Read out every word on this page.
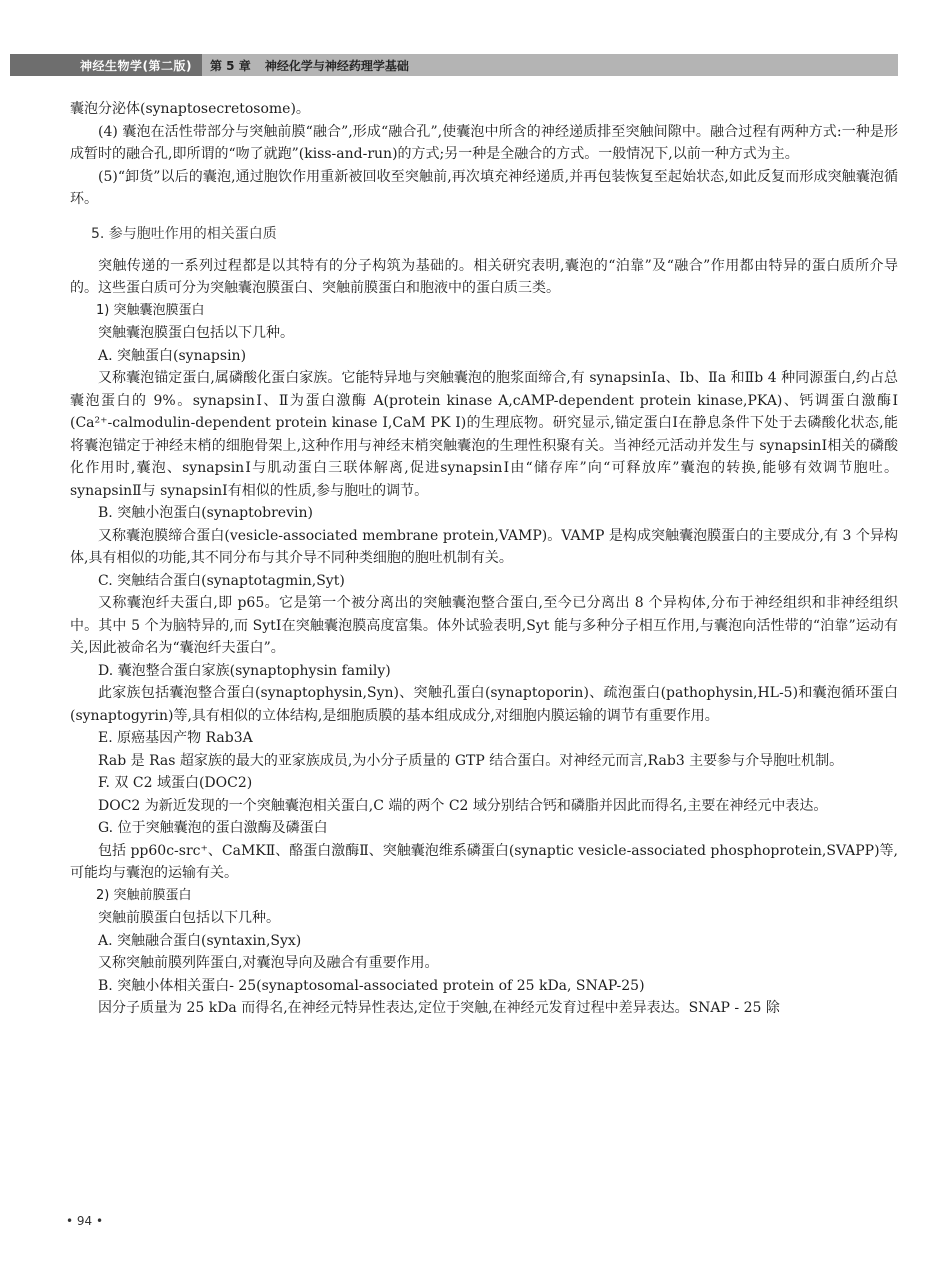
神经生物学(第二版)	第 5 章 神经化学与神经药理学基础

囊泡分泌体(synaptosecretosome)。

(4) 囊泡在活性带部分与突触前膜“融合”,形成“融合孔”,使囊泡中所含的神经递质排至突触间隙中。融合过程有两种方式:一种是形成暂时的融合孔,即所谓的“吻了就跑”(kiss-and-run)的方式;另一种是全融合的方式。一般情况下,以前一种方式为主。

(5)“卸货”以后的囊泡,通过胞饮作用重新被回收至突触前,再次填充神经递质,并再包装恢复至起始状态,如此反复而形成突触囊泡循环。

5. 参与胞吐作用的相关蛋白质

突触传递的一系列过程都是以其特有的分子构筑为基础的。相关研究表明,囊泡的“泊靠”及“融合”作用都由特异的蛋白质所介导的。这些蛋白质可分为突触囊泡膜蛋白、突触前膜蛋白和胞液中的蛋白质三类。

1) 突触囊泡膜蛋白

突触囊泡膜蛋白包括以下几种。

A. 突触蛋白(synapsin)

又称囊泡锚定蛋白,属磷酸化蛋白家族。它能特异地与突触囊泡的胞浆面缔合,有 synapsinⅠa、Ⅰb、Ⅱa 和Ⅱb 4 种同源蛋白,约占总囊泡蛋白的 9%。synapsinⅠ、Ⅱ为蛋白激酶 A(protein kinase A,cAMP-dependent protein kinase,PKA)、钙调蛋白激酶Ⅰ (Ca²⁺-calmodulin-dependent protein kinase I,CaM PK I)的生理底物。研究显示,锚定蛋白Ⅰ在静息条件下处于去磷酸化状态,能将囊泡锚定于神经末梢的细胞骨架上,这种作用与神经末梢突触囊泡的生理性积聚有关。当神经元活动并发生与 synapsinⅠ相关的磷酸化作用时,囊泡、synapsinⅠ与肌动蛋白三联体解离,促进synapsinⅠ由“储存库”向“可释放库”囊泡的转换,能够有效调节胞吐。synapsinⅡ与 synapsinⅠ有相似的性质,参与胞吐的调节。

B. 突触小泡蛋白(synaptobrevin)

又称囊泡膜缔合蛋白(vesicle-associated membrane protein,VAMP)。VAMP 是构成突触囊泡膜蛋白的主要成分,有 3 个异构体,具有相似的功能,其不同分布与其介导不同种类细胞的胞吐机制有关。

C. 突触结合蛋白(synaptotagmin,Syt)

又称囊泡纤夫蛋白,即 p65。它是第一个被分离出的突触囊泡整合蛋白,至今已分离出 8 个异构体,分布于神经组织和非神经组织中。其中 5 个为脑特异的,而 SytⅠ在突触囊泡膜高度富集。体外试验表明,Syt 能与多种分子相互作用,与囊泡向活性带的“泊靠”运动有关,因此被命名为“囊泡纤夫蛋白”。

D. 囊泡整合蛋白家族(synaptophysin family)

此家族包括囊泡整合蛋白(synaptophysin,Syn)、突触孔蛋白(synaptoporin)、疏泡蛋白(pathophysin,HL-5)和囊泡循环蛋白(synaptogyrin)等,具有相似的立体结构,是细胞质膜的基本组成成分,对细胞内膜运输的调节有重要作用。

E. 原癌基因产物 Rab3A

Rab 是 Ras 超家族的最大的亚家族成员,为小分子质量的 GTP 结合蛋白。对神经元而言,Rab3 主要参与介导胞吐机制。

F. 双 C2 域蛋白(DOC2)

DOC2 为新近发现的一个突触囊泡相关蛋白,C 端的两个 C2 域分别结合钙和磷脂并因此而得名,主要在神经元中表达。

G. 位于突触囊泡的蛋白激酶及磷蛋白

包括 pp60c-src⁺、CaMKⅡ、酪蛋白激酶Ⅱ、突触囊泡维系磷蛋白(synaptic vesicle-associated phosphoprotein,SVAPP)等,可能均与囊泡的运输有关。

2) 突触前膜蛋白

突触前膜蛋白包括以下几种。

A. 突触融合蛋白(syntaxin,Syx)

又称突触前膜列阵蛋白,对囊泡导向及融合有重要作用。

B. 突触小体相关蛋白- 25(synaptosomal-associated protein of 25 kDa, SNAP-25)

因分子质量为 25 kDa 而得名,在神经元特异性表达,定位于突触,在神经元发育过程中差异表达。SNAP - 25 除

• 94 •
